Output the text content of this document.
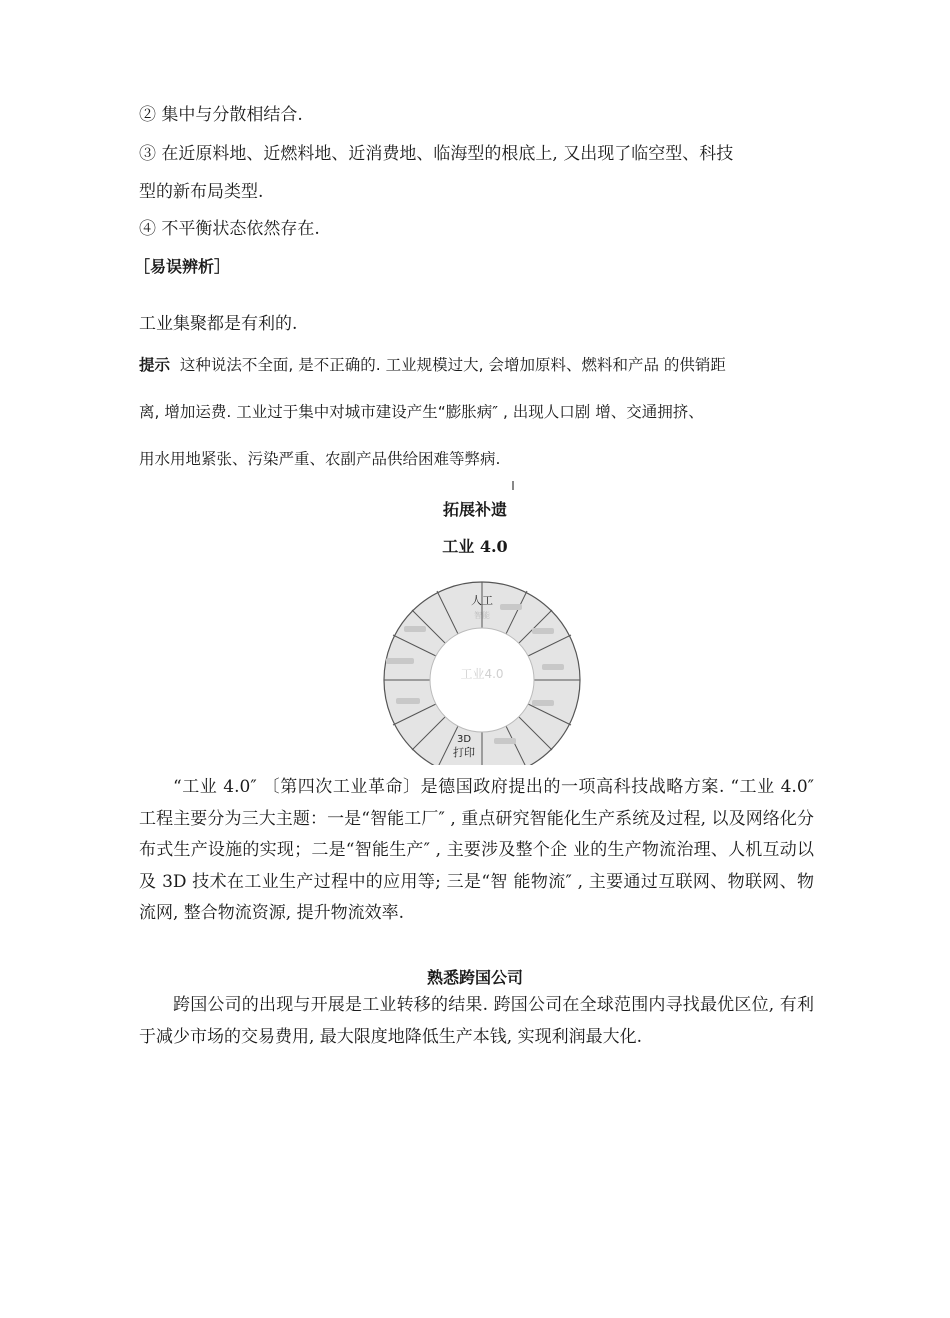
② 集中与分散相结合.
③ 在近原料地、近燃料地、近消费地、临海型的根底上, 又出现了临空型、科技
型的新布局类型.
④ 不平衡状态依然存在.
［易误辨析］
工业集聚都是有利的.
提示 这种说法不全面, 是不正确的. 工业规模过大, 会增加原料、燃料和产品 的供销距
离, 增加运费. 工业过于集中对城市建设产生“膨胀病″ , 出现人口剧 增、交通拥挤、
用水用地紧张、污染严重、农副产品供给困难等弊病.
拓展补遗
工业 4.0
工业4.0
人工
智能
3D
打印
“工业 4.0″ 〔第四次工业革命〕是德国政府提出的一项高科技战略方案. “工业 4.0″ 工程主要分为三大主题：一是“智能工厂″ , 重点研究智能化生产系统及过程, 以及网络化分布式生产设施的实现；二是“智能生产″ , 主要涉及整个企 业的生产物流治理、人机互动以及 3D 技术在工业生产过程中的应用等; 三是“智 能物流″ , 主要通过互联网、物联网、物流网, 整合物流资源, 提升物流效率.
熟悉跨国公司
跨国公司的出现与开展是工业转移的结果. 跨国公司在全球范围内寻找最优区位, 有利于减少市场的交易费用, 最大限度地降低生产本钱, 实现利润最大化.
